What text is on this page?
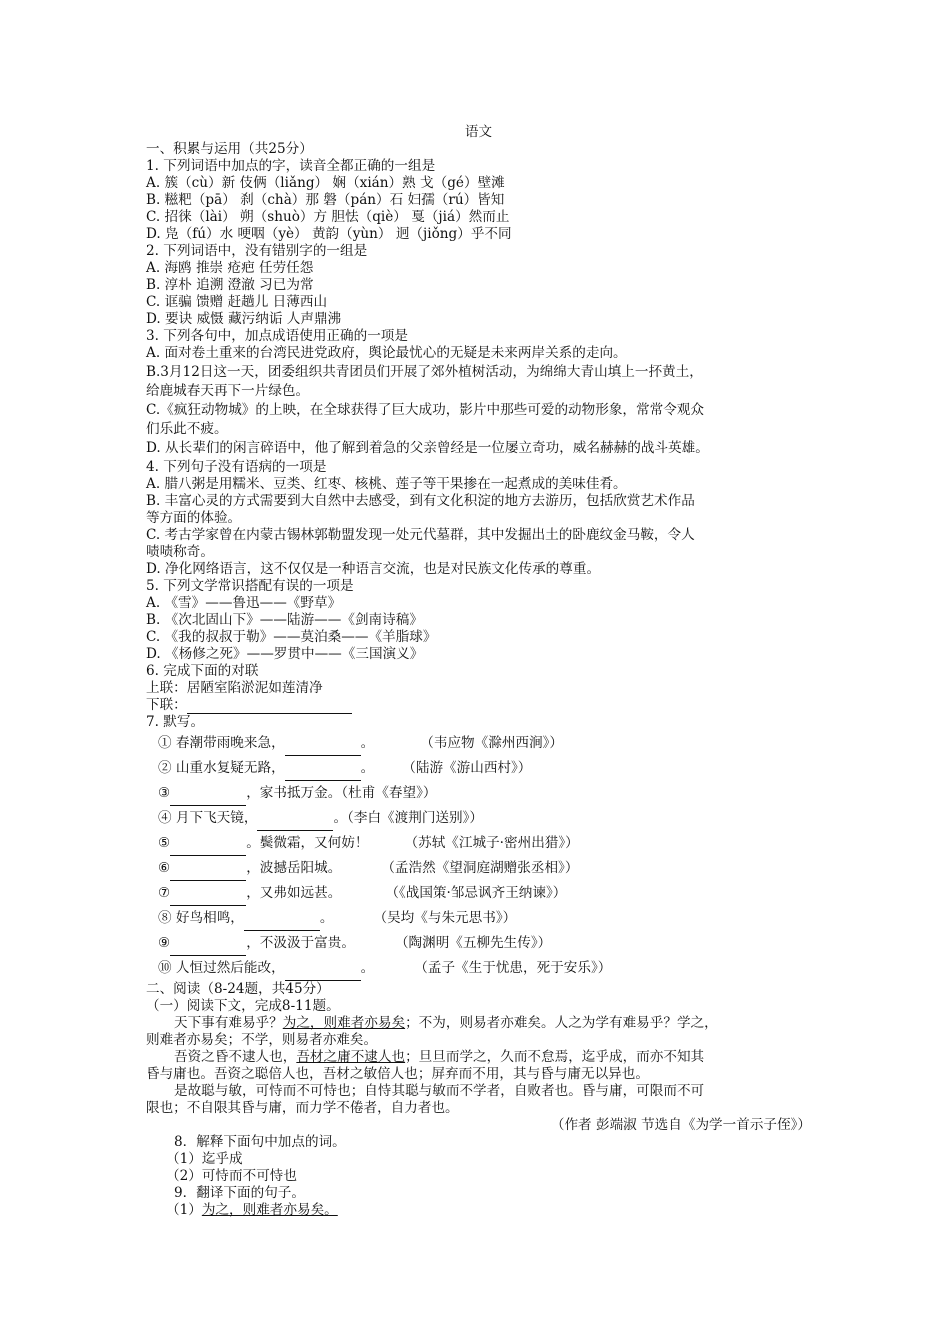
语文
一、积累与运用（共25分）
1. 下列词语中加点的字，读音全都正确的一组是
A. 簇（cù）新 伎俩（liǎng） 娴（xián）熟 戈（gé）壁滩
B. 糍粑（pā） 刹（chà）那 磐（pán）石 妇孺（rú）皆知
C. 招徕（lài） 朔（shuò）方 胆怯（qiè） 戛（jiá）然而止
D. 凫（fú）水 哽咽（yè） 黄韵（yùn） 迥（jiǒng）乎不同
2. 下列词语中，没有错别字的一组是
A. 海鸥 推崇 疮疤 任劳任怨
B. 淳朴 追溯 澄澈 习已为常
C. 诓骗 馈赠 赶趟儿 日薄西山
D. 要诀 威慑 藏污纳诟 人声鼎沸
3. 下列各句中，加点成语使用正确的一项是
A. 面对卷土重来的台湾民进党政府，舆论最忧心的无疑是未来两岸关系的走向。
B.3月12日这一天，团委组织共青团员们开展了郊外植树活动，为绵绵大青山填上一抔黄土，
给鹿城春天再下一片绿色。
C.《疯狂动物城》的上映，在全球获得了巨大成功，影片中那些可爱的动物形象，常常令观众
们乐此不疲。
D. 从长辈们的闲言碎语中，他了解到着急的父亲曾经是一位屡立奇功，威名赫赫的战斗英雄。
4. 下列句子没有语病的一项是
A. 腊八粥是用糯米、豆类、红枣、核桃、莲子等干果掺在一起煮成的美味佳肴。
B. 丰富心灵的方式需要到大自然中去感受，到有文化积淀的地方去游历，包括欣赏艺术作品
等方面的体验。
C. 考古学家曾在内蒙古锡林郭勒盟发现一处元代墓群，其中发掘出土的卧鹿纹金马鞍，令人
啧啧称奇。
D. 净化网络语言，这不仅仅是一种语言交流，也是对民族文化传承的尊重。
5. 下列文学常识搭配有误的一项是
A. 《雪》——鲁迅——《野草》
B. 《次北固山下》——陆游——《剑南诗稿》
C. 《我的叔叔于勒》——莫泊桑——《羊脂球》
D. 《杨修之死》——罗贯中——《三国演义》
6. 完成下面的对联
上联：居陋室陷淤泥如莲清净
下联：
7. 默写。
① 春潮带雨晚来急，	。	（韦应物《滁州西涧》）
② 山重水复疑无路，	。 （陆游《游山西村》）
③	，家书抵万金。（杜甫《春望》）
④ 月下飞天镜，	。（李白《渡荆门送别》）
⑤	。鬓微霜，又何妨！	（苏轼《江城子·密州出猎》）
⑥	，波撼岳阳城。	（孟浩然《望洞庭湖赠张丞相》）
⑦	，又弗如远甚。	（《战国策·邹忌讽齐王纳谏》）
⑧ 好鸟相鸣，	。	（吴均《与朱元思书》）
⑨	，不汲汲于富贵。	（陶渊明《五柳先生传》）
⑩ 人恒过然后能改，	。	（孟子《生于忧患，死于安乐》）
二、阅读（8-24题，共45分）
（一）阅读下文，完成8-11题。
天下事有难易乎？为之，则难者亦易矣；不为，则易者亦难矣。人之为学有难易乎？学之，
则难者亦易矣；不学，则易者亦难矣。
吾资之昏不逮人也，吾材之庸不逮人也；旦旦而学之，久而不怠焉，迄乎成，而亦不知其
昏与庸也。吾资之聪倍人也，吾材之敏倍人也；屏弃而不用，其与昏与庸无以异也。
是故聪与敏，可恃而不可恃也；自恃其聪与敏而不学者，自败者也。昏与庸，可限而不可
限也；不自限其昏与庸，而力学不倦者，自力者也。
（作者 彭端淑 节选自《为学一首示子侄》）
8．解释下面句中加点的词。
（1）迄乎成
（2）可恃而不可恃也
9．翻译下面的句子。
（1）为之，则难者亦易矣。
